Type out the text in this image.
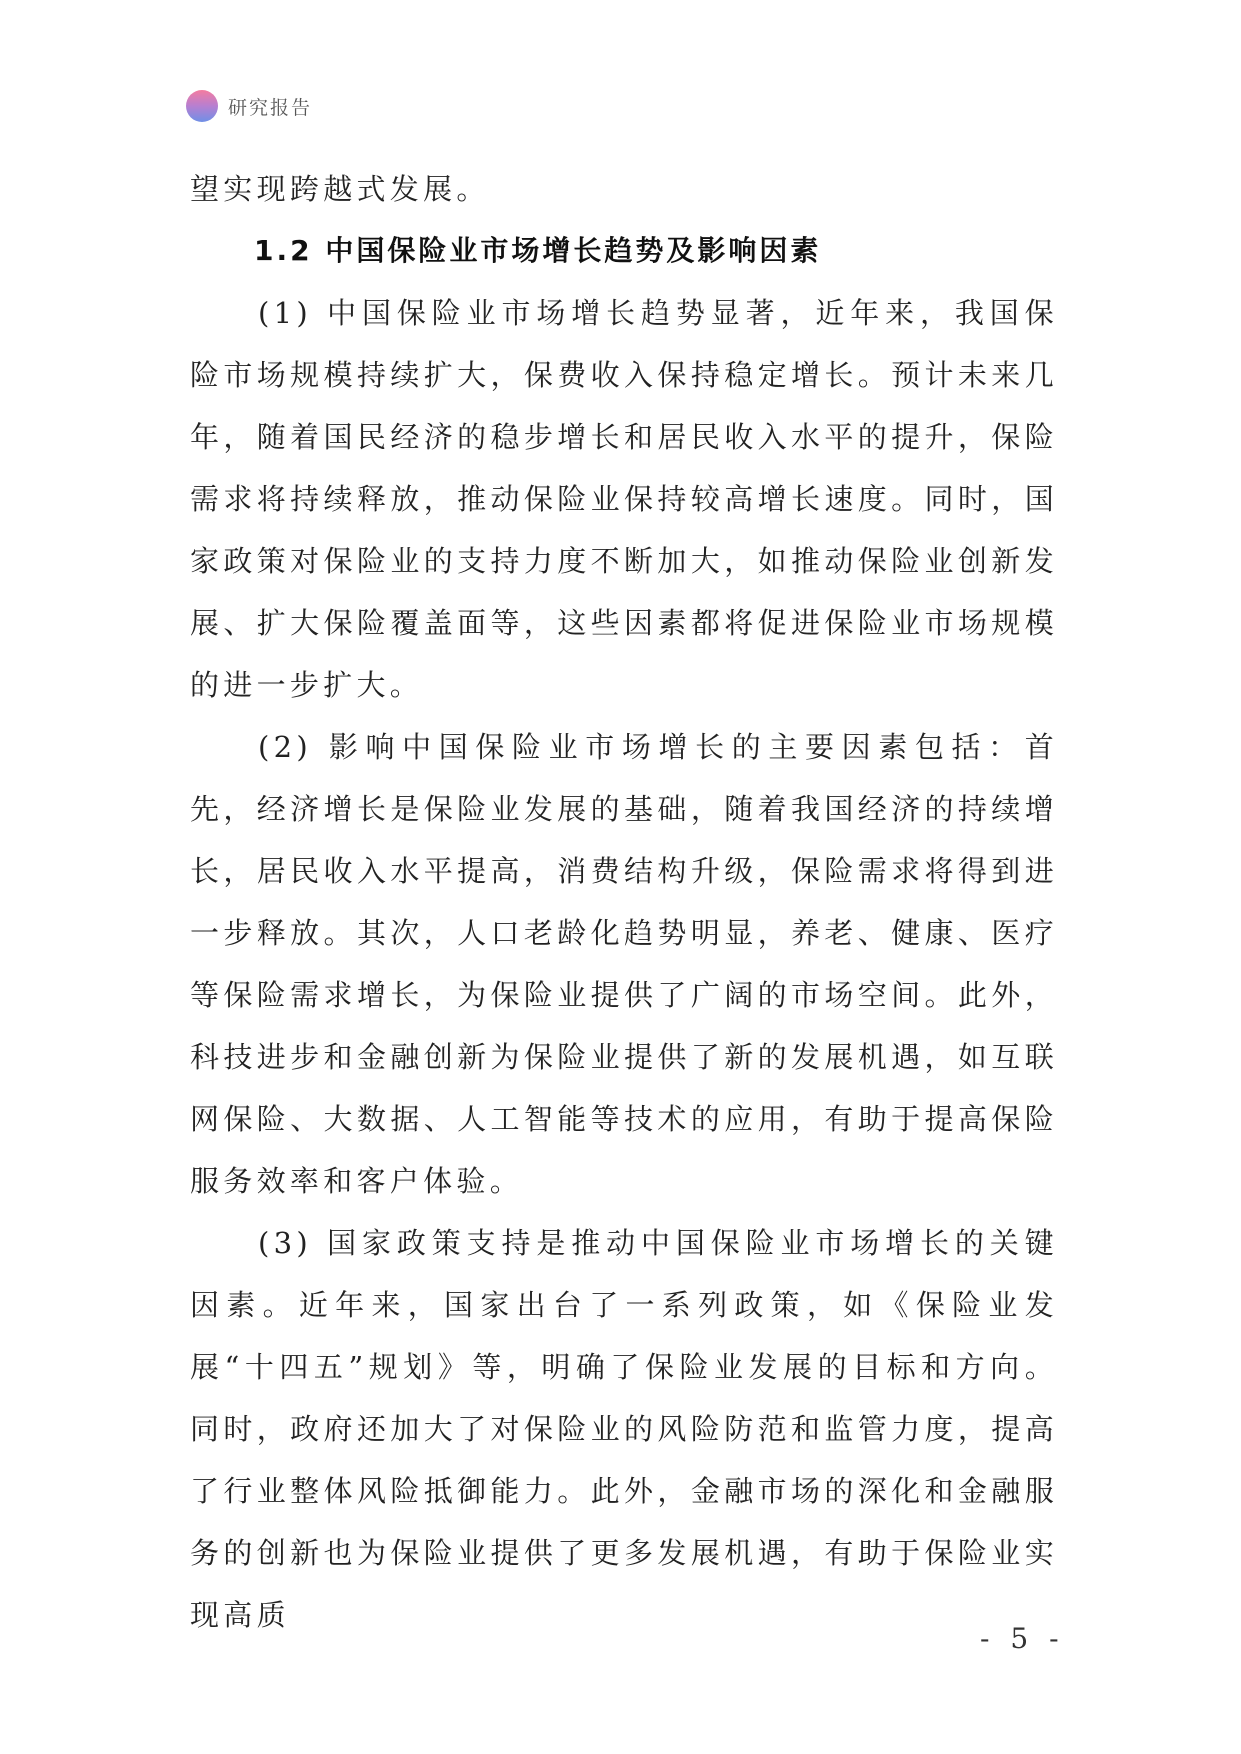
研究报告

望实现跨越式发展。

1.2 中国保险业市场增长趋势及影响因素

(1) 中国保险业市场增长趋势显著，近年来，我国保险市场规模持续扩大，保费收入保持稳定增长。预计未来几年，随着国民经济的稳步增长和居民收入水平的提升，保险需求将持续释放，推动保险业保持较高增长速度。同时，国家政策对保险业的支持力度不断加大，如推动保险业创新发展、扩大保险覆盖面等，这些因素都将促进保险业市场规模的进一步扩大。

(2) 影响中国保险业市场增长的主要因素包括：首先，经济增长是保险业发展的基础，随着我国经济的持续增长，居民收入水平提高，消费结构升级，保险需求将得到进一步释放。其次，人口老龄化趋势明显，养老、健康、医疗等保险需求增长，为保险业提供了广阔的市场空间。此外，科技进步和金融创新为保险业提供了新的发展机遇，如互联网保险、大数据、人工智能等技术的应用，有助于提高保险服务效率和客户体验。

(3) 国家政策支持是推动中国保险业市场增长的关键因素。近年来，国家出台了一系列政策，如《保险业发展“十四五”规划》等，明确了保险业发展的目标和方向。同时，政府还加大了对保险业的风险防范和监管力度，提高了行业整体风险抵御能力。此外，金融市场的深化和金融服务的创新也为保险业提供了更多发展机遇，有助于保险业实现高质

- 5 -
